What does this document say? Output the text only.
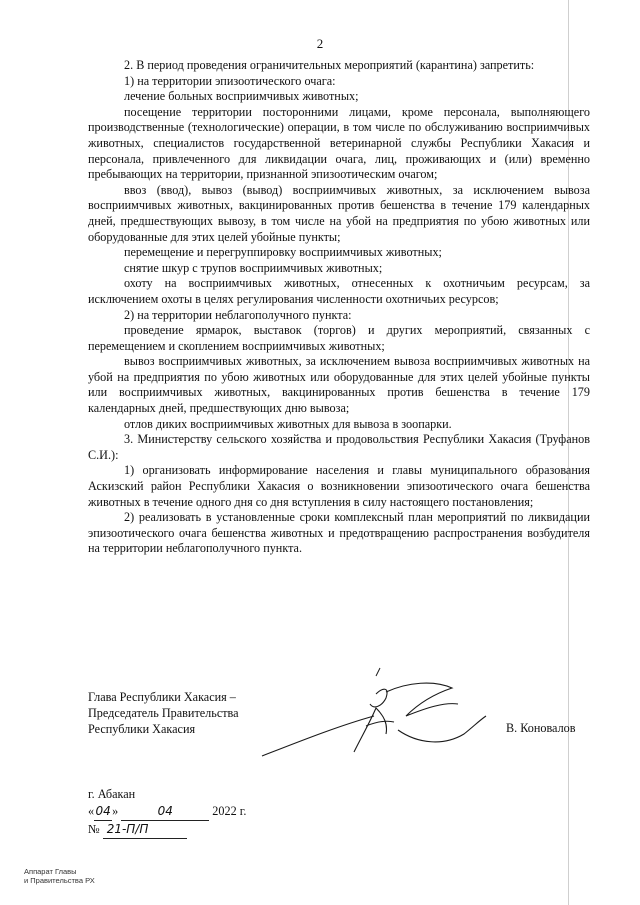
2

2. В период проведения ограничительных мероприятий (карантина) запретить:

1) на территории эпизоотического очага:

лечение больных восприимчивых животных;

посещение территории посторонними лицами, кроме персонала, выполняющего производственные (технологические) операции, в том числе по обслуживанию восприимчивых животных, специалистов государственной ветеринарной службы Республики Хакасия и персонала, привлеченного для ликвидации очага, лиц, проживающих и (или) временно пребывающих на территории, признанной эпизоотическим очагом;

ввоз (ввод), вывоз (вывод) восприимчивых животных, за исключением вывоза восприимчивых животных, вакцинированных против бешенства в течение 179 календарных дней, предшествующих вывозу, в том числе на убой на предприятия по убою животных или оборудованные для этих целей убойные пункты;

перемещение и перегруппировку восприимчивых животных;

снятие шкур с трупов восприимчивых животных;

охоту на восприимчивых животных, отнесенных к охотничьим ресурсам, за исключением охоты в целях регулирования численности охотничьих ресурсов;

2) на территории неблагополучного пункта:

проведение ярмарок, выставок (торгов) и других мероприятий, связанных с перемещением и скоплением восприимчивых животных;

вывоз восприимчивых животных, за исключением вывоза восприимчивых животных на убой на предприятия по убою животных или оборудованные для этих целей убойные пункты или восприимчивых животных, вакцинированных против бешенства в течение 179 календарных дней, предшествующих дню вывоза;

отлов диких восприимчивых животных для вывоза в зоопарки.

3. Министерству сельского хозяйства и продовольствия Республики Хакасия (Труфанов С.И.):

1) организовать информирование населения и главы муниципального образования Аскизский район Республики Хакасия о возникновении эпизоотического очага бешенства животных в течение одного дня со дня вступления в силу настоящего постановления;

2) реализовать в установленные сроки комплексный план мероприятий по ликвидации эпизоотического очага бешенства животных и предотвращению распространения возбудителя на территории неблагополучного пункта.

Глава Республики Хакасия –
Председатель Правительства
Республики Хакасия	В. Коновалов
г. Абакан
«04»	04	2022 г.
№ 21-П/П
Аппарат Главы
и Правительства РХ
